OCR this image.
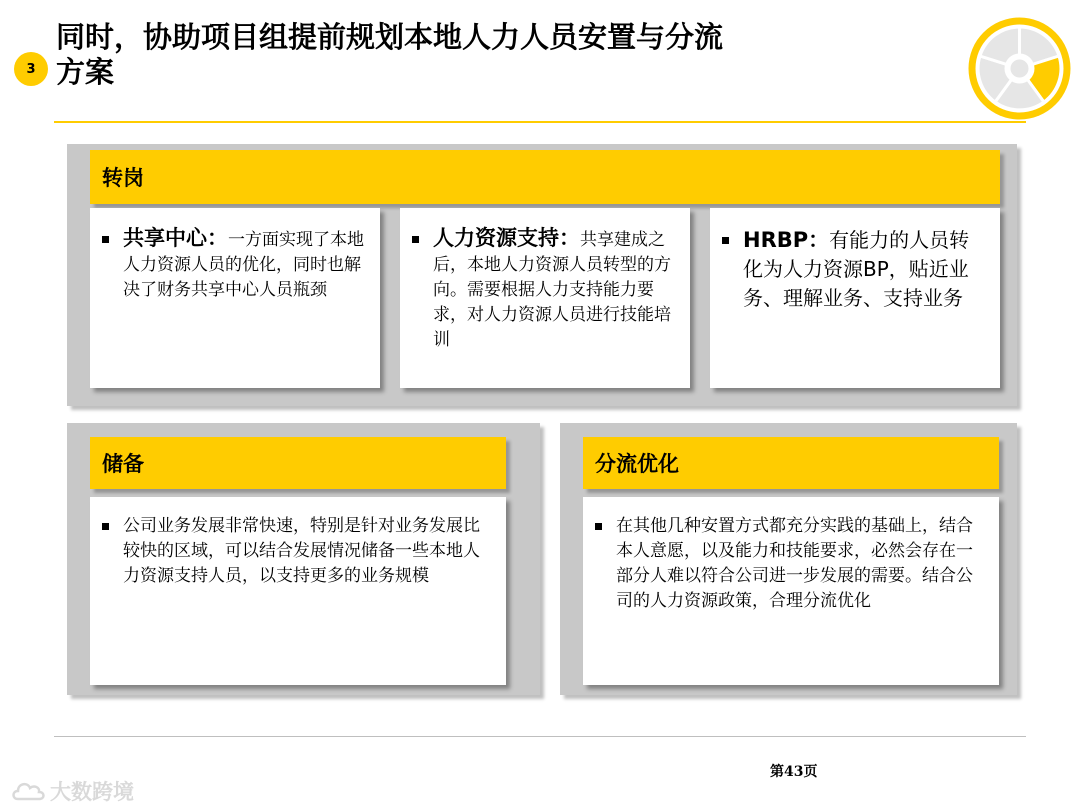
3
同时，协助项目组提前规划本地人力人员安置与分流
方案
转岗
共享中心：一方面实现了本地人力资源人员的优化，同时也解决了财务共享中心人员瓶颈
人力资源支持：共享建成之后，本地人力资源人员转型的方向。需要根据人力支持能力要求，对人力资源人员进行技能培训
HRBP：有能力的人员转化为人力资源BP，贴近业务、理解业务、支持业务
储备
公司业务发展非常快速，特别是针对业务发展比较快的区域，可以结合发展情况储备一些本地人力资源支持人员，以支持更多的业务规模
分流优化
在其他几种安置方式都充分实践的基础上，结合本人意愿，以及能力和技能要求，必然会存在一部分人难以符合公司进一步发展的需要。结合公司的人力资源政策，合理分流优化
第43页
大数跨境
